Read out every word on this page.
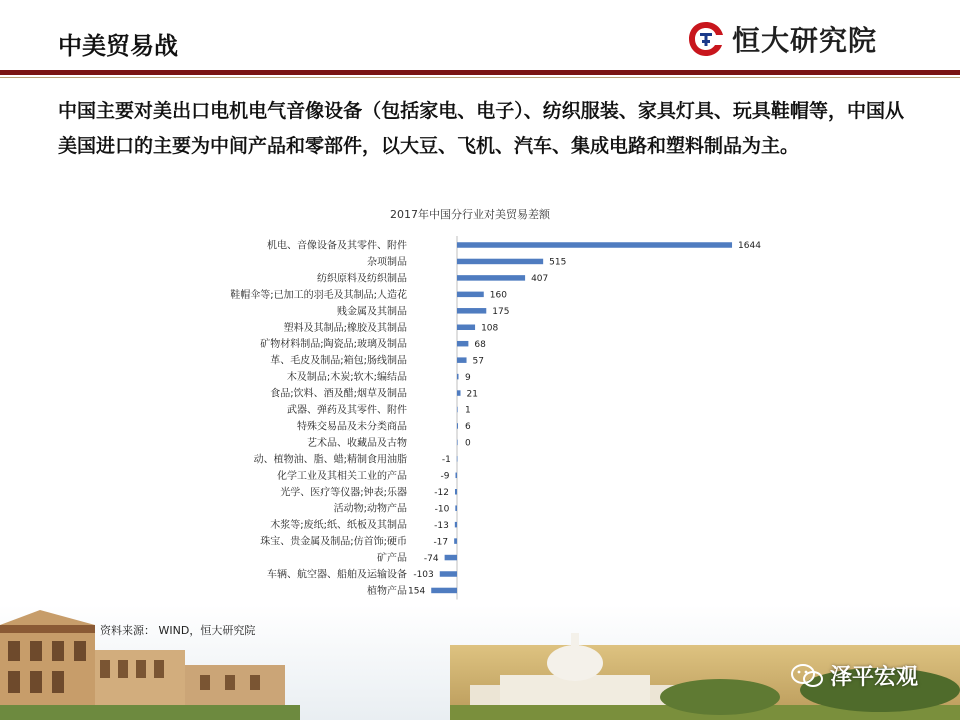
中美贸易战	恒大研究院
中国主要对美出口电机电气音像设备（包括家电、电子）、纺织服装、家具灯具、玩具鞋帽等，中国从美国进口的主要为中间产品和零部件，以大豆、飞机、汽车、集成电路和塑料制品为主。
2017年中国分行业对美贸易差额
机电、音像设备及其零件、附件	1644
杂项制品	515
纺织原料及纺织制品	407
鞋帽伞等;已加工的羽毛及其制品;人造花	160
贱金属及其制品	175
塑料及其制品;橡胶及其制品	108
矿物材料制品;陶瓷品;玻璃及制品	68
革、毛皮及制品;箱包;肠线制品	57
木及制品;木炭;软木;编结品	9
食品;饮料、酒及醋;烟草及制品	21
武器、弹药及其零件、附件	1
特殊交易品及未分类商品	6
艺术品、收藏品及古物	0
动、植物油、脂、蜡;精制食用油脂	-1
化学工业及其相关工业的产品	-9
光学、医疗等仪器;钟表;乐器	-12
活动物;动物产品	-10
木浆等;废纸;纸、纸板及其制品	-13
珠宝、贵金属及制品;仿首饰;硬币	-17
矿产品 -74
车辆、航空器、船舶及运输设备 -103
植物产品 154
资料来源： WIND，恒大研究院
泽平宏观
